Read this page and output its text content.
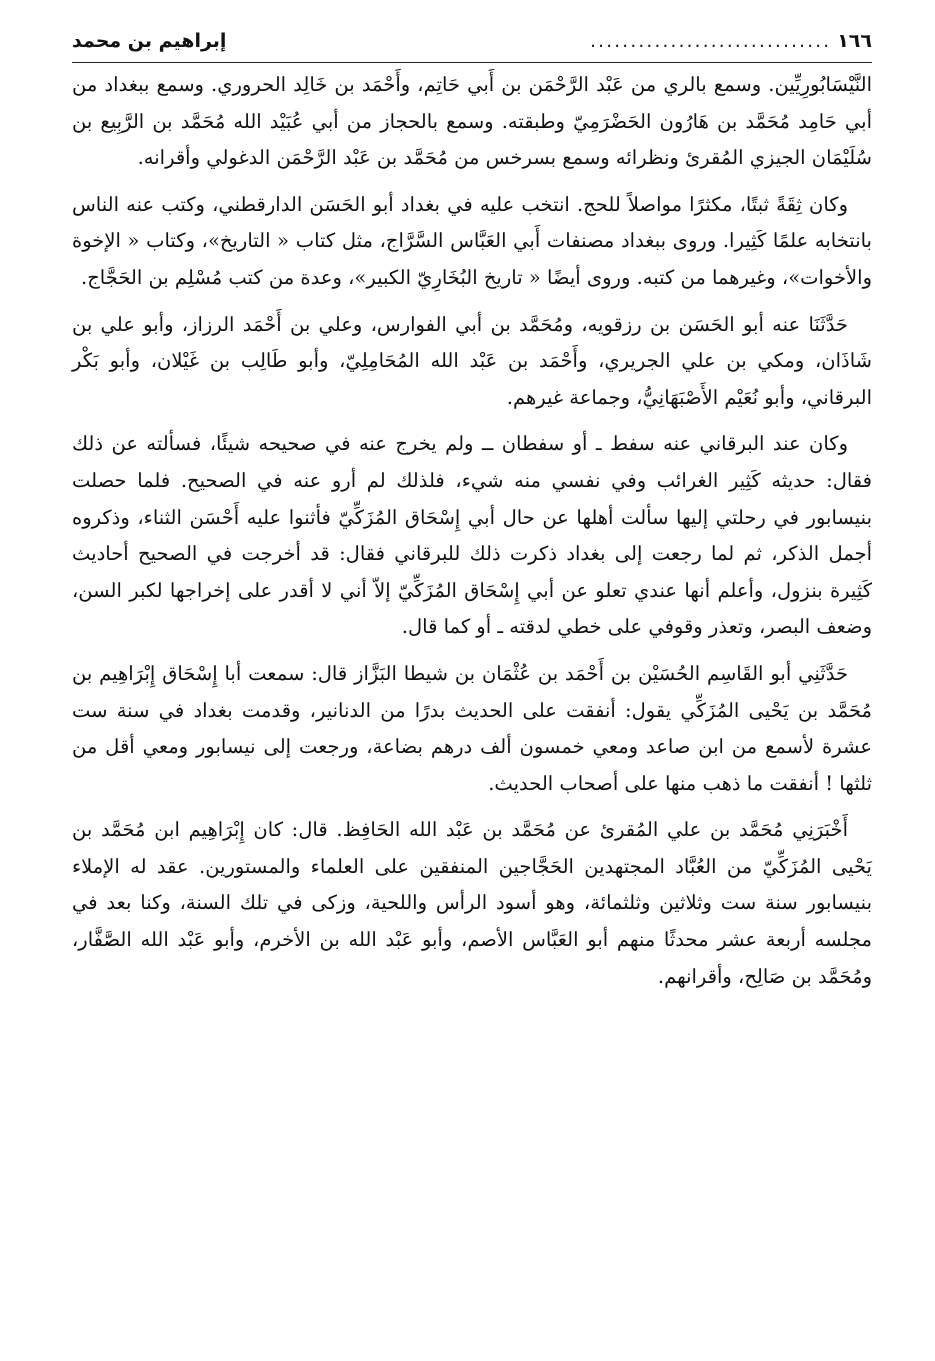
١٦٦
..............................
إبراهيم بن محمد

النَّيْسَابُورِيِّين. وسمع بالري من عَبْد الرَّحْمَن بن أَبي حَاتِم، وأَحْمَد بن خَالِد الحروري. وسمع ببغداد من أبي حَامِد مُحَمَّد بن هَارُون الحَضْرَمِيّ وطبقته. وسمع بالحجاز من أبي عُبَيْد الله مُحَمَّد بن الرَّبِيع بن سُلَيْمَان الجيزي المُقرئ ونظرائه وسمع بسرخس من مُحَمَّد بن عَبْد الرَّحْمَن الدغولي وأقرانه.

وكان ثِقَةً ثبتًا، مكثرًا مواصلاً للحج. انتخب عليه في بغداد أبو الحَسَن الدارقطني، وكتب عنه الناس بانتخابه علمًا كَثِيرا. وروى ببغداد مصنفات أَبي العَبَّاس السَّرَّاج، مثل كتاب « التاريخ»، وكتاب « الإخوة والأخوات»، وغيرهما من كتبه. وروى أيضًا « تاريخ البُخَارِيّ الكبير»، وعدة من كتب مُسْلِم بن الحَجَّاج.

حَدَّثَنَا عنه أبو الحَسَن بن رزقويه، ومُحَمَّد بن أبي الفوارس، وعلي بن أَحْمَد الرزاز، وأبو علي بن شَاذَان، ومكي بن علي الجريري، وأَحْمَد بن عَبْد الله المُحَامِلِيّ، وأبو طَالِب بن غَيْلان، وأبو بَكْر البرقاني، وأبو نُعَيْم الأَصْبَهَانِيُّ، وجماعة غيرهم.

وكان عند البرقاني عنه سفط ـ أو سفطان ــ ولم يخرج عنه في صحيحه شيئًا، فسألته عن ذلك فقال: حديثه كَثِير الغرائب وفي نفسي منه شيء، فلذلك لم أرو عنه في الصحيح. فلما حصلت بنيسابور في رحلتي إليها سألت أهلها عن حال أبي إِسْحَاق المُزَكِّيّ فأثنوا عليه أَحْسَن الثناء، وذكروه أجمل الذكر، ثم لما رجعت إلى بغداد ذكرت ذلك للبرقاني فقال: قد أخرجت في الصحيح أحاديث كَثِيرة بنزول، وأعلم أنها عندي تعلو عن أبي إِسْحَاق المُزَكِّيّ إلاّ أني لا أقدر على إخراجها لكبر السن، وضعف البصر، وتعذر وقوفي على خطي لدقته ـ أو كما قال.

حَدَّثَنِي أبو القَاسِم الحُسَيْن بن أَحْمَد بن عُثْمَان بن شيطا البَزَّاز قال: سمعت أبا إِسْحَاق إِبْرَاهِيم بن مُحَمَّد بن يَحْيى المُزَكِّي يقول: أنفقت على الحديث بدرًا من الدنانير، وقدمت بغداد في سنة ست عشرة لأسمع من ابن صاعد ومعي خمسون ألف درهم بضاعة، ورجعت إلى نيسابور ومعي أقل من ثلثها ! أنفقت ما ذهب منها على أصحاب الحديث.

أَخْبَرَنِي مُحَمَّد بن علي المُقرئ عن مُحَمَّد بن عَبْد الله الحَافِظ. قال: كان إِبْرَاهِيم ابن مُحَمَّد بن يَحْيى المُزَكِّيّ من العُبَّاد المجتهدين الحَجَّاجين المنفقين على العلماء والمستورين. عقد له الإملاء بنيسابور سنة ست وثلاثين وثلثمائة، وهو أسود الرأس واللحية، وزكى في تلك السنة، وكنا بعد في مجلسه أربعة عشر محدثًا منهم أبو العَبَّاس الأصم، وأبو عَبْد الله بن الأخرم، وأبو عَبْد الله الصَّفَّار، ومُحَمَّد بن صَالِح، وأقرانهم.
